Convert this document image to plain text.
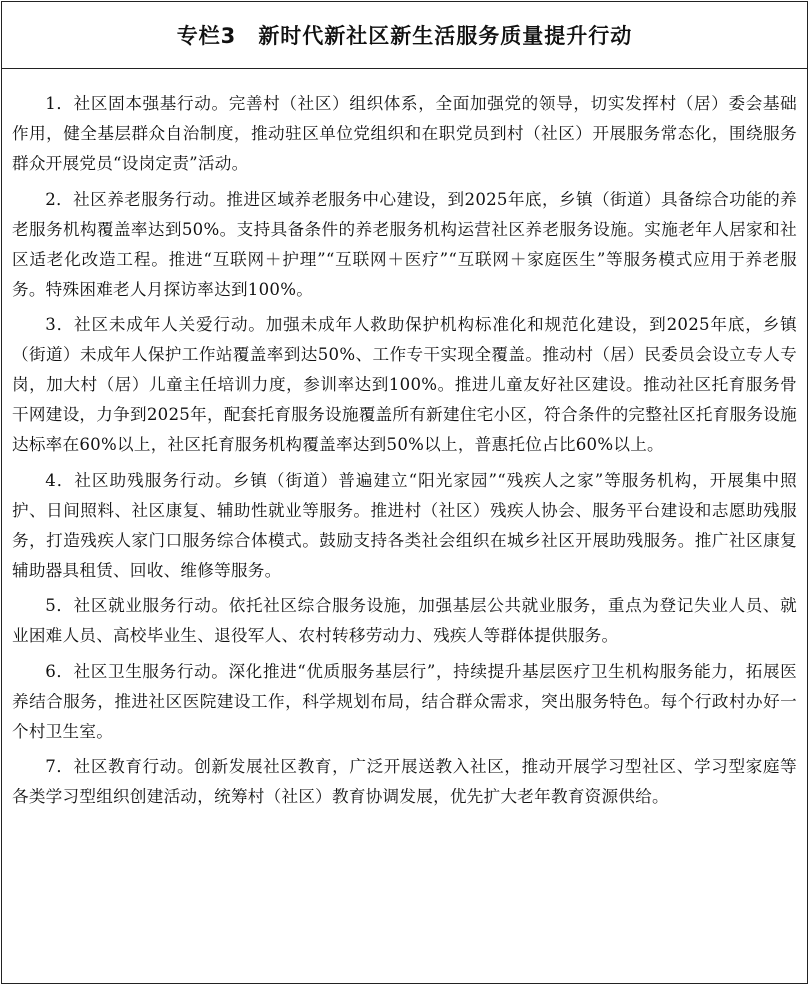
专栏3 新时代新社区新生活服务质量提升行动

1．社区固本强基行动。完善村（社区）组织体系，全面加强党的领导，切实发挥村（居）委会基础作用，健全基层群众自治制度，推动驻区单位党组织和在职党员到村（社区）开展服务常态化，围绕服务群众开展党员“设岗定责”活动。

2．社区养老服务行动。推进区域养老服务中心建设，到2025年底，乡镇（街道）具备综合功能的养老服务机构覆盖率达到50%。支持具备条件的养老服务机构运营社区养老服务设施。实施老年人居家和社区适老化改造工程。推进“互联网＋护理”“互联网＋医疗”“互联网＋家庭医生”等服务模式应用于养老服务。特殊困难老人月探访率达到100%。

3．社区未成年人关爱行动。加强未成年人救助保护机构标准化和规范化建设，到2025年底，乡镇（街道）未成年人保护工作站覆盖率到达50%、工作专干实现全覆盖。推动村（居）民委员会设立专人专岗，加大村（居）儿童主任培训力度，参训率达到100%。推进儿童友好社区建设。推动社区托育服务骨干网建设，力争到2025年，配套托育服务设施覆盖所有新建住宅小区，符合条件的完整社区托育服务设施达标率在60%以上，社区托育服务机构覆盖率达到50%以上，普惠托位占比60%以上。

4．社区助残服务行动。乡镇（街道）普遍建立“阳光家园”“残疾人之家”等服务机构，开展集中照护、日间照料、社区康复、辅助性就业等服务。推进村（社区）残疾人协会、服务平台建设和志愿助残服务，打造残疾人家门口服务综合体模式。鼓励支持各类社会组织在城乡社区开展助残服务。推广社区康复辅助器具租赁、回收、维修等服务。

5．社区就业服务行动。依托社区综合服务设施，加强基层公共就业服务，重点为登记失业人员、就业困难人员、高校毕业生、退役军人、农村转移劳动力、残疾人等群体提供服务。

6．社区卫生服务行动。深化推进“优质服务基层行”，持续提升基层医疗卫生机构服务能力，拓展医养结合服务，推进社区医院建设工作，科学规划布局，结合群众需求，突出服务特色。每个行政村办好一个村卫生室。

7．社区教育行动。创新发展社区教育，广泛开展送教入社区，推动开展学习型社区、学习型家庭等各类学习型组织创建活动，统筹村（社区）教育协调发展，优先扩大老年教育资源供给。
